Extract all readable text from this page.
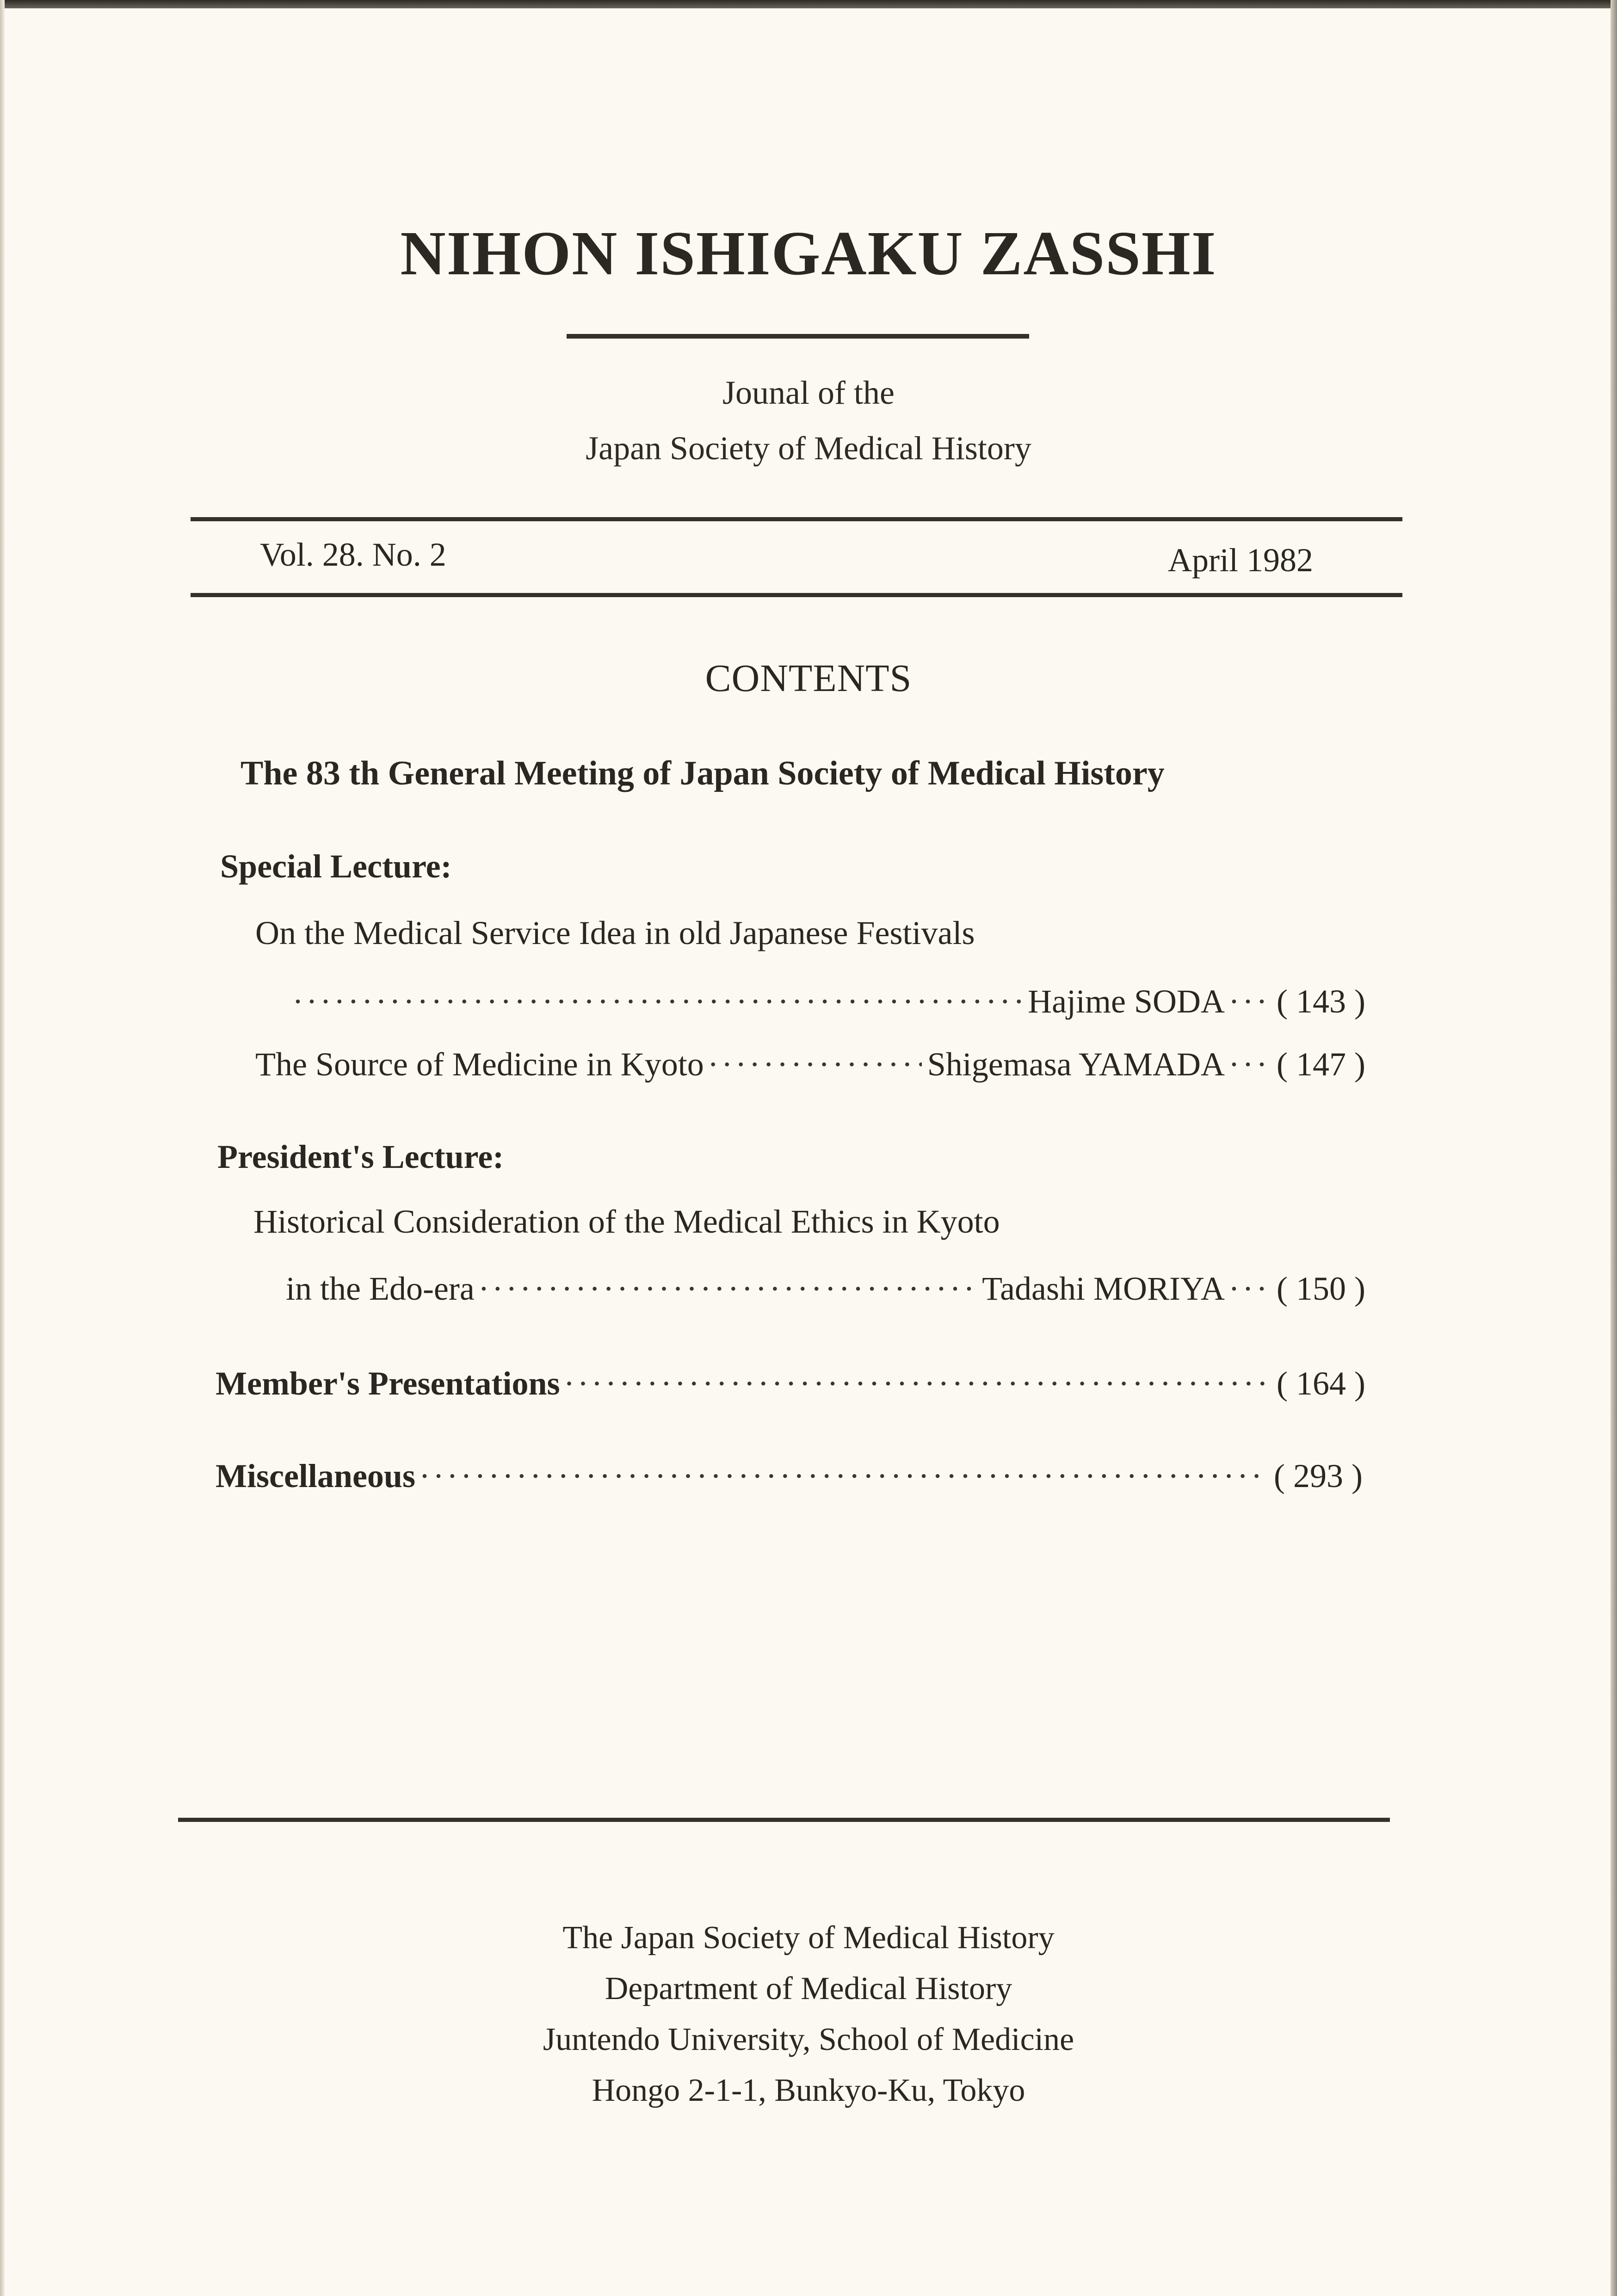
NIHON ISHIGAKU ZASSHI
Jounal of the
Japan Society of Medical History
Vol. 28. No. 2	April 1982
CONTENTS
The 83 th General Meeting of Japan Society of Medical History
Special Lecture:
On the Medical Service Idea in old Japanese Festivals
·····
Hajime SODA ····· ( 143 )
The Source of Medicine in Kyoto ·····	Shigemasa YAMADA ····· ( 147 )
President's Lecture:
Historical Consideration of the Medical Ethics in Kyoto
in the Edo-era ·····	Tadashi MORIYA ····· ( 150 )
Member's Presentations ·····	( 164 )
Miscellaneous ·····	( 293 )
The Japan Society of Medical History
Department of Medical History
Juntendo University, School of Medicine
Hongo 2-1-1, Bunkyo-Ku, Tokyo
